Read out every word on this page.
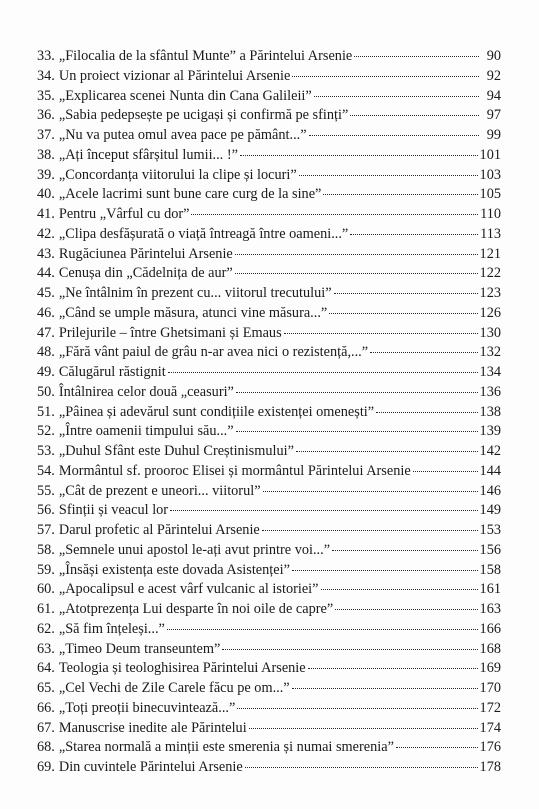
33. „Filocalia de la sfântul Munte” a Părintelui Arsenie	90
34. Un proiect vizionar al Părintelui Arsenie	92
35. „Explicarea scenei Nunta din Cana Galileii”	94
36. „Sabia pedepsește pe ucigași și confirmă pe sfinți”	97
37. „Nu va putea omul avea pace pe pământ...”	99
38. „Ați început sfârșitul lumii... !”	101
39. „Concordanța viitorului la clipe și locuri”	103
40. „Acele lacrimi sunt bune care curg de la sine”	105
41. Pentru „Vârful cu dor”	110
42. „Clipa desfășurată o viață întreagă între oameni...”	113
43. Rugăciunea Părintelui Arsenie	121
44. Cenușa din „Cădelnița de aur”	122
45. „Ne întâlnim în prezent cu... viitorul trecutului”	123
46. „Când se umple măsura, atunci vine măsura...”	126
47. Prilejurile – între Ghetsimani și Emaus	130
48. „Fără vânt paiul de grâu n-ar avea nici o rezistență,...”	132
49. Călugărul răstignit	134
50. Întâlnirea celor două „ceasuri”	136
51. „Pâinea și adevărul sunt condițiile existenței omenești”	138
52. „Între oamenii timpului său...”	139
53. „Duhul Sfânt este Duhul Creștinismului”	142
54. Mormântul sf. prooroc Elisei și mormântul Părintelui Arsenie	144
55. „Cât de prezent e uneori... viitorul”	146
56. Sfinții și veacul lor	149
57. Darul profetic al Părintelui Arsenie	153
58. „Semnele unui apostol le-ați avut printre voi...”	156
59. „Însăși existența este dovada Asistenței”	158
60. „Apocalipsul e acest vârf vulcanic al istoriei”	161
61. „Atotprezența Lui desparte în noi oile de capre”	163
62. „Să fim înțeleși...”	166
63. „Timeo Deum transeuntem”	168
64. Teologia și teologhisirea Părintelui Arsenie	169
65. „Cel Vechi de Zile Carele făcu pe om...”	170
66. „Toți preoții binecuvintează...”	172
67. Manuscrise inedite ale Părintelui	174
68. „Starea normală a minții este smerenia și numai smerenia”	176
69. Din cuvintele Părintelui Arsenie	178
